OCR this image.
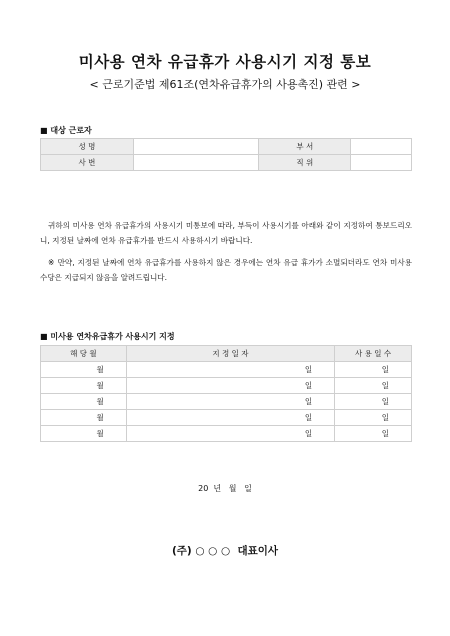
미사용 연차 유급휴가 사용시기 지정 통보
< 근로기준법 제61조(연차유급휴가의 사용촉진) 관련 >
■ 대상 근로자
성 명		부 서	
사 번		직 위	
귀하의 미사용 연차 유급휴가의 사용시기 미통보에 따라, 부득이 사용시기를 아래와 같이 지정하여 통보드리오니, 지정된 날짜에 연차 유급휴가를 반드시 사용하시기 바랍니다.
※ 만약, 지정된 날짜에 연차 유급휴가를 사용하지 않은 경우에는 연차 유급 휴가가 소멸되더라도 연차 미사용수당은 지급되지 않음을 알려드립니다.
■ 미사용 연차유급휴가 사용시기 지정
해 당 월	지 정 일 자	사 용 일 수
월	일	일
월	일	일
월	일	일
월	일	일
월	일	일
20  년   월   일
(주) ○ ○ ○  대표이사
